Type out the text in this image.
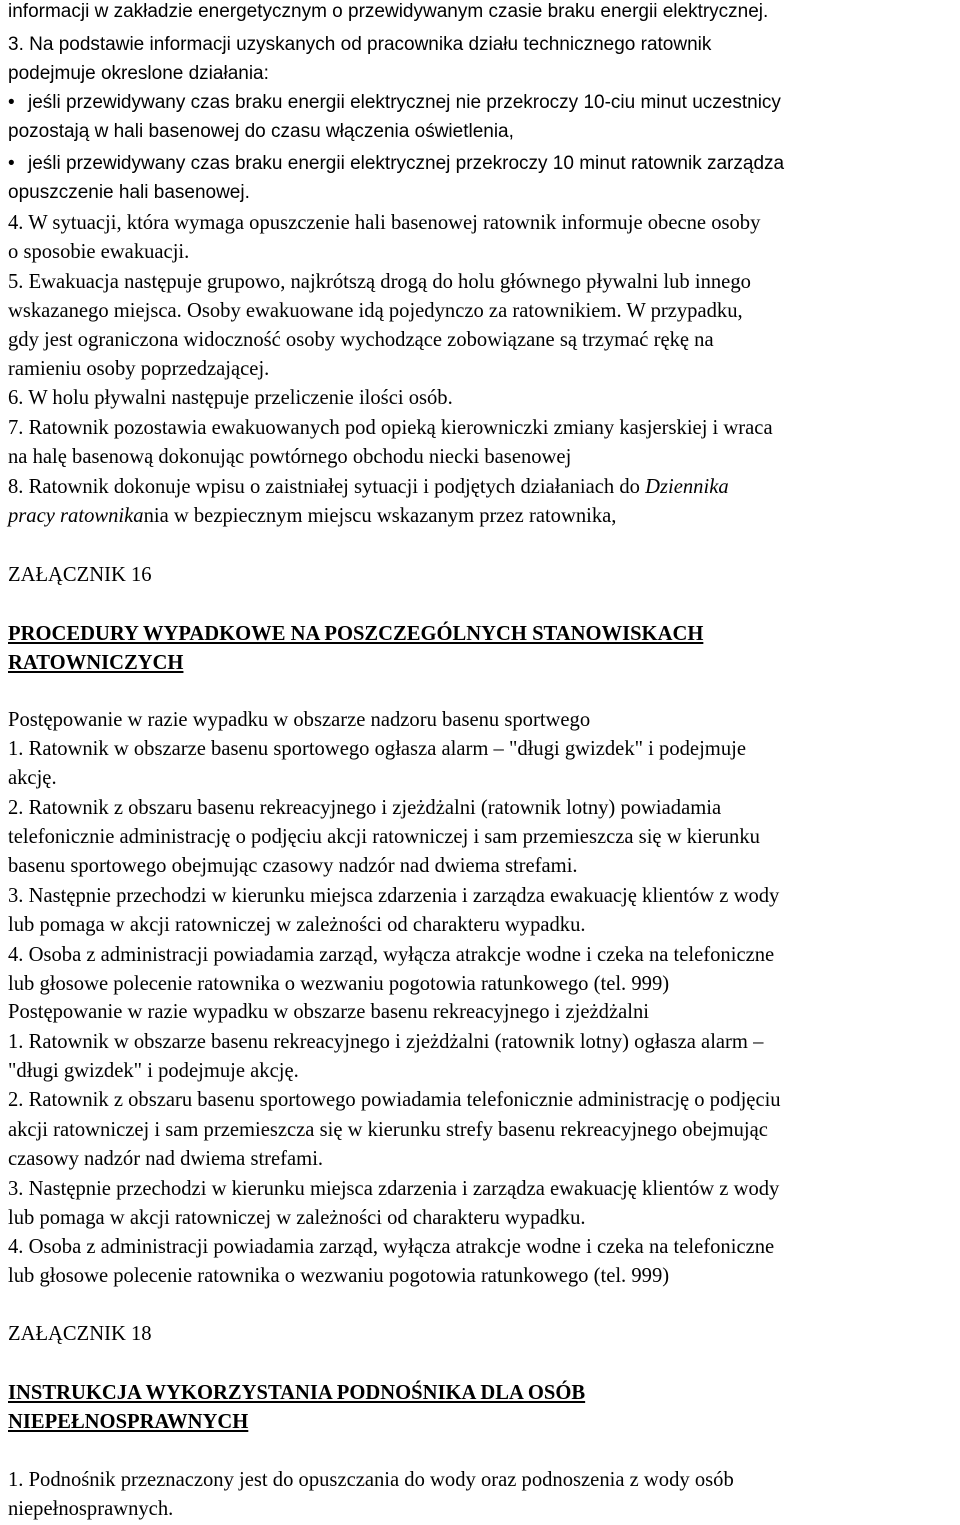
informacji w zakładzie energetycznym o przewidywanym czasie braku energii elektrycznej.
3. Na podstawie informacji uzyskanych od pracownika działu technicznego ratownik
podejmuje okreslone działania:
• jeśli przewidywany czas braku energii elektrycznej nie przekroczy 10-ciu minut uczestnicy
pozostają w hali basenowej do czasu włączenia oświetlenia,
• jeśli przewidywany czas braku energii elektrycznej przekroczy 10 minut ratownik zarządza
opuszczenie hali basenowej.
4. W sytuacji, która wymaga opuszczenie hali basenowej ratownik informuje obecne osoby
o sposobie ewakuacji.
5. Ewakuacja następuje grupowo, najkrótszą drogą do holu głównego pływalni lub innego
wskazanego miejsca. Osoby ewakuowane idą pojedynczo za ratownikiem. W przypadku,
gdy jest ograniczona widoczność osoby wychodzące zobowiązane są trzymać rękę na
ramieniu osoby poprzedzającej.
6. W holu pływalni następuje przeliczenie ilości osób.
7. Ratownik pozostawia ewakuowanych pod opieką kierowniczki zmiany kasjerskiej i wraca
na halę basenową dokonując powtórnego obchodu niecki basenowej
8. Ratownik dokonuje wpisu o zaistniałej sytuacji i podjętych działaniach do Dziennika
pracy ratownikania w bezpiecznym miejscu wskazanym przez ratownika,
ZAŁĄCZNIK 16
PROCEDURY WYPADKOWE NA POSZCZEGÓLNYCH STANOWISKACH
RATOWNICZYCH
Postępowanie w razie wypadku w obszarze nadzoru basenu sportwego
1. Ratownik w obszarze basenu sportowego ogłasza alarm – "długi gwizdek" i podejmuje
akcję.
2. Ratownik z obszaru basenu rekreacyjnego i zjeżdżalni (ratownik lotny) powiadamia
telefonicznie administrację o podjęciu akcji ratowniczej i sam przemieszcza się w kierunku
basenu sportowego obejmując czasowy nadzór nad dwiema strefami.
3. Następnie przechodzi w kierunku miejsca zdarzenia i zarządza ewakuację klientów z wody
lub pomaga w akcji ratowniczej w zależności od charakteru wypadku.
4. Osoba z administracji powiadamia zarząd, wyłącza atrakcje wodne i czeka na telefoniczne
lub głosowe polecenie ratownika o wezwaniu pogotowia ratunkowego (tel. 999)
Postępowanie w razie wypadku w obszarze basenu rekreacyjnego i zjeżdżalni
1. Ratownik w obszarze basenu rekreacyjnego i zjeżdżalni (ratownik lotny) ogłasza alarm –
"długi gwizdek" i podejmuje akcję.
2. Ratownik z obszaru basenu sportowego powiadamia telefonicznie administrację o podjęciu
akcji ratowniczej i sam przemieszcza się w kierunku strefy basenu rekreacyjnego obejmując
czasowy nadzór nad dwiema strefami.
3. Następnie przechodzi w kierunku miejsca zdarzenia i zarządza ewakuację klientów z wody
lub pomaga w akcji ratowniczej w zależności od charakteru wypadku.
4. Osoba z administracji powiadamia zarząd, wyłącza atrakcje wodne i czeka na telefoniczne
lub głosowe polecenie ratownika o wezwaniu pogotowia ratunkowego (tel. 999)
ZAŁĄCZNIK 18
INSTRUKCJA WYKORZYSTANIA PODNOŚNIKA DLA OSÓB
NIEPEŁNOSPRAWNYCH
1. Podnośnik przeznaczony jest do opuszczania do wody oraz podnoszenia z wody osób
niepełnosprawnych.
